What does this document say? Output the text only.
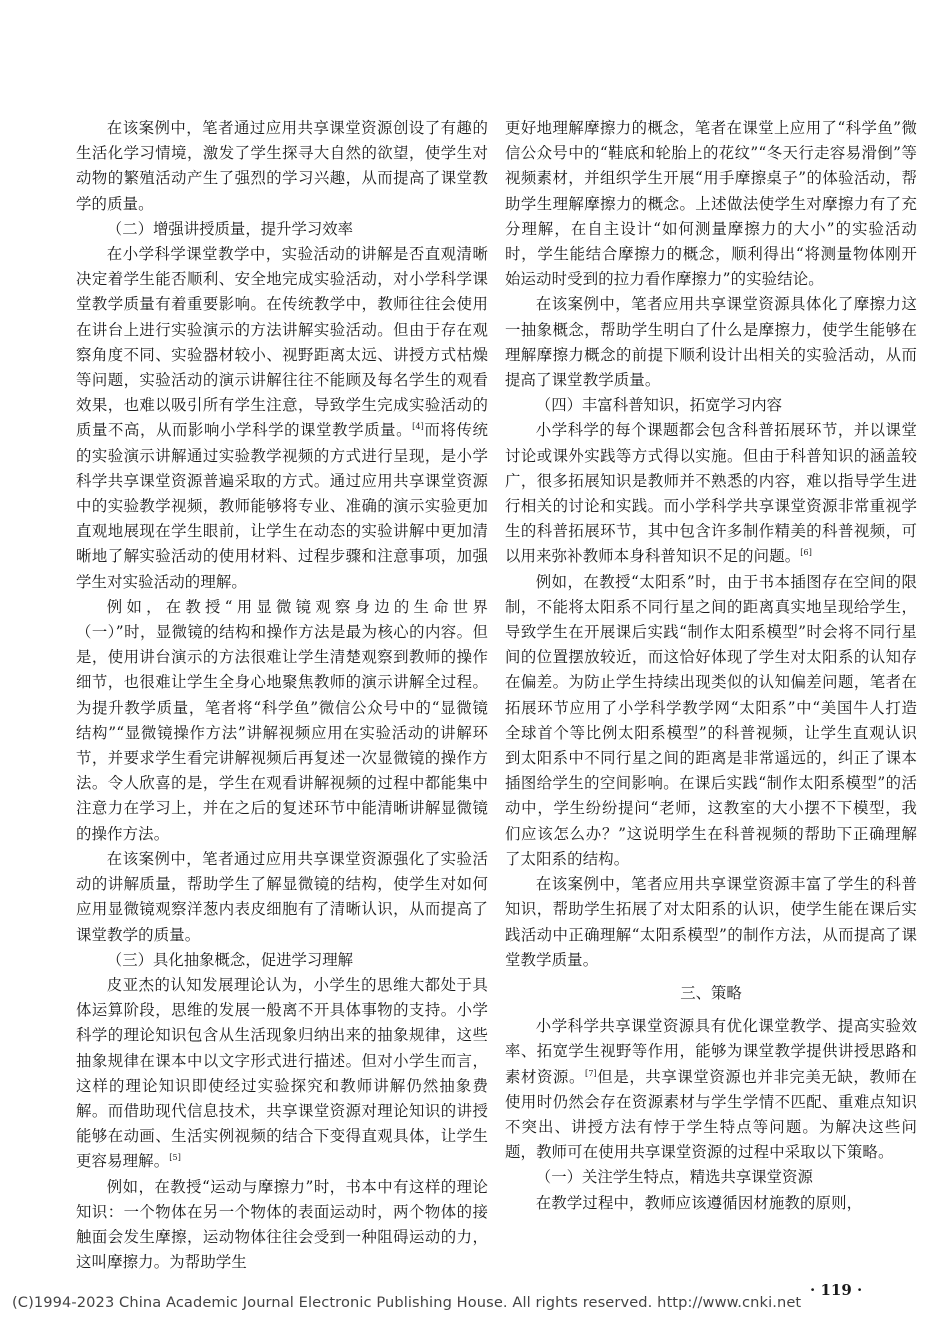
在该案例中，笔者通过应用共享课堂资源创设了有趣的生活化学习情境，激发了学生探寻大自然的欲望，使学生对动物的繁殖活动产生了强烈的学习兴趣，从而提高了课堂教学的质量。

（二）增强讲授质量，提升学习效率

在小学科学课堂教学中，实验活动的讲解是否直观清晰决定着学生能否顺利、安全地完成实验活动，对小学科学课堂教学质量有着重要影响。在传统教学中，教师往往会使用在讲台上进行实验演示的方法讲解实验活动。但由于存在观察角度不同、实验器材较小、视野距离太远、讲授方式枯燥等问题，实验活动的演示讲解往往不能顾及每名学生的观看效果，也难以吸引所有学生注意，导致学生完成实验活动的质量不高，从而影响小学科学的课堂教学质量。[4]而将传统的实验演示讲解通过实验教学视频的方式进行呈现，是小学科学共享课堂资源普遍采取的方式。通过应用共享课堂资源中的实验教学视频，教师能够将专业、准确的演示实验更加直观地展现在学生眼前，让学生在动态的实验讲解中更加清晰地了解实验活动的使用材料、过程步骤和注意事项，加强学生对实验活动的理解。

例如，在教授“用显微镜观察身边的生命世界（一）”时，显微镜的结构和操作方法是最为核心的内容。但是，使用讲台演示的方法很难让学生清楚观察到教师的操作细节，也很难让学生全身心地聚焦教师的演示讲解全过程。为提升教学质量，笔者将“科学鱼”微信公众号中的“显微镜结构”“显微镜操作方法”讲解视频应用在实验活动的讲解环节，并要求学生看完讲解视频后再复述一次显微镜的操作方法。令人欣喜的是，学生在观看讲解视频的过程中都能集中注意力在学习上，并在之后的复述环节中能清晰讲解显微镜的操作方法。

在该案例中，笔者通过应用共享课堂资源强化了实验活动的讲解质量，帮助学生了解显微镜的结构，使学生对如何应用显微镜观察洋葱内表皮细胞有了清晰认识，从而提高了课堂教学的质量。

（三）具化抽象概念，促进学习理解

皮亚杰的认知发展理论认为，小学生的思维大都处于具体运算阶段，思维的发展一般离不开具体事物的支持。小学科学的理论知识包含从生活现象归纳出来的抽象规律，这些抽象规律在课本中以文字形式进行描述。但对小学生而言，这样的理论知识即使经过实验探究和教师讲解仍然抽象费解。而借助现代信息技术，共享课堂资源对理论知识的讲授能够在动画、生活实例视频的结合下变得直观具体，让学生更容易理解。[5]

例如，在教授“运动与摩擦力”时，书本中有这样的理论知识：一个物体在另一个物体的表面运动时，两个物体的接触面会发生摩擦，运动物体往往会受到一种阻碍运动的力，这叫摩擦力。为帮助学生

更好地理解摩擦力的概念，笔者在课堂上应用了“科学鱼”微信公众号中的“鞋底和轮胎上的花纹”“冬天行走容易滑倒”等视频素材，并组织学生开展“用手摩擦桌子”的体验活动，帮助学生理解摩擦力的概念。上述做法使学生对摩擦力有了充分理解，在自主设计“如何测量摩擦力的大小”的实验活动时，学生能结合摩擦力的概念，顺利得出“将测量物体刚开始运动时受到的拉力看作摩擦力”的实验结论。

在该案例中，笔者应用共享课堂资源具体化了摩擦力这一抽象概念，帮助学生明白了什么是摩擦力，使学生能够在理解摩擦力概念的前提下顺利设计出相关的实验活动，从而提高了课堂教学质量。

（四）丰富科普知识，拓宽学习内容

小学科学的每个课题都会包含科普拓展环节，并以课堂讨论或课外实践等方式得以实施。但由于科普知识的涵盖较广，很多拓展知识是教师并不熟悉的内容，难以指导学生进行相关的讨论和实践。而小学科学共享课堂资源非常重视学生的科普拓展环节，其中包含许多制作精美的科普视频，可以用来弥补教师本身科普知识不足的问题。[6]

例如，在教授“太阳系”时，由于书本插图存在空间的限制，不能将太阳系不同行星之间的距离真实地呈现给学生，导致学生在开展课后实践“制作太阳系模型”时会将不同行星间的位置摆放较近，而这恰好体现了学生对太阳系的认知存在偏差。为防止学生持续出现类似的认知偏差问题，笔者在拓展环节应用了小学科学教学网“太阳系”中“美国牛人打造全球首个等比例太阳系模型”的科普视频，让学生直观认识到太阳系中不同行星之间的距离是非常遥远的，纠正了课本插图给学生的空间影响。在课后实践“制作太阳系模型”的活动中，学生纷纷提问“老师，这教室的大小摆不下模型，我们应该怎么办？”这说明学生在科普视频的帮助下正确理解了太阳系的结构。

在该案例中，笔者应用共享课堂资源丰富了学生的科普知识，帮助学生拓展了对太阳系的认识，使学生能在课后实践活动中正确理解“太阳系模型”的制作方法，从而提高了课堂教学质量。

三、策略

小学科学共享课堂资源具有优化课堂教学、提高实验效率、拓宽学生视野等作用，能够为课堂教学提供讲授思路和素材资源。[7]但是，共享课堂资源也并非完美无缺，教师在使用时仍然会存在资源素材与学生学情不匹配、重难点知识不突出、讲授方法有悖于学生特点等问题。为解决这些问题，教师可在使用共享课堂资源的过程中采取以下策略。

（一）关注学生特点，精选共享课堂资源

在教学过程中，教师应该遵循因材施教的原则，

· 119 ·
(C)1994-2023 China Academic Journal Electronic Publishing House. All rights reserved. http://www.cnki.net
